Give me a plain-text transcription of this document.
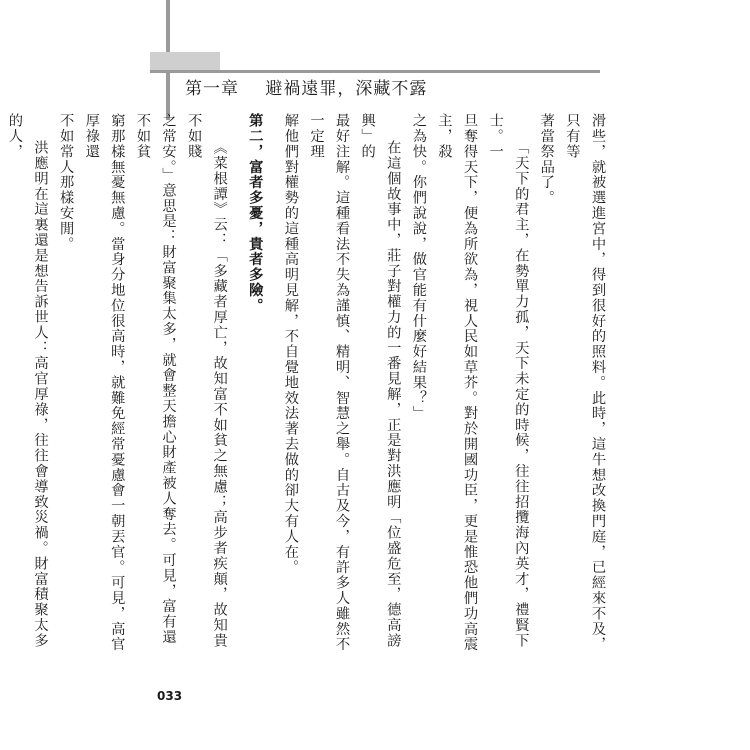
第一章 避禍遠罪，深藏不露

滑些，就被選進宮中，得到很好的照料。此時，這牛想改換門庭，已經來不及，只有等

著當祭品了。

「天下的君主，在勢單力孤，天下未定的時候，往往招攬海內英才，禮賢下士。一

旦奪得天下，便為所欲為，視人民如草芥。對於開國功臣，更是惟恐他們功高震主，殺

之為快。你們說說，做官能有什麼好結果？」

在這個故事中，莊子對權力的一番見解，正是對洪應明「位盛危至，德高謗興」的

最好注解。這種看法不失為謹慎、精明、智慧之舉。自古及今，有許多人雖然不一定理

解他們對權勢的這種高明見解，不自覺地效法著去做的卻大有人在。

第二，富者多憂，貴者多險。

《菜根譚》云：「多藏者厚亡，故知富不如貧之無慮；高步者疾顛，故知貴不如賤

之常安。」意思是：財富聚集太多，就會整天擔心財產被人奪去。可見，富有還不如貧

窮那樣無憂無慮。當身分地位很高時，就難免經常憂慮會一朝丟官。可見，高官厚祿還

不如常人那樣安閒。

洪應明在這裏還是想告訴世人：高官厚祿，往往會導致災禍。財富積聚太多的人，

033
